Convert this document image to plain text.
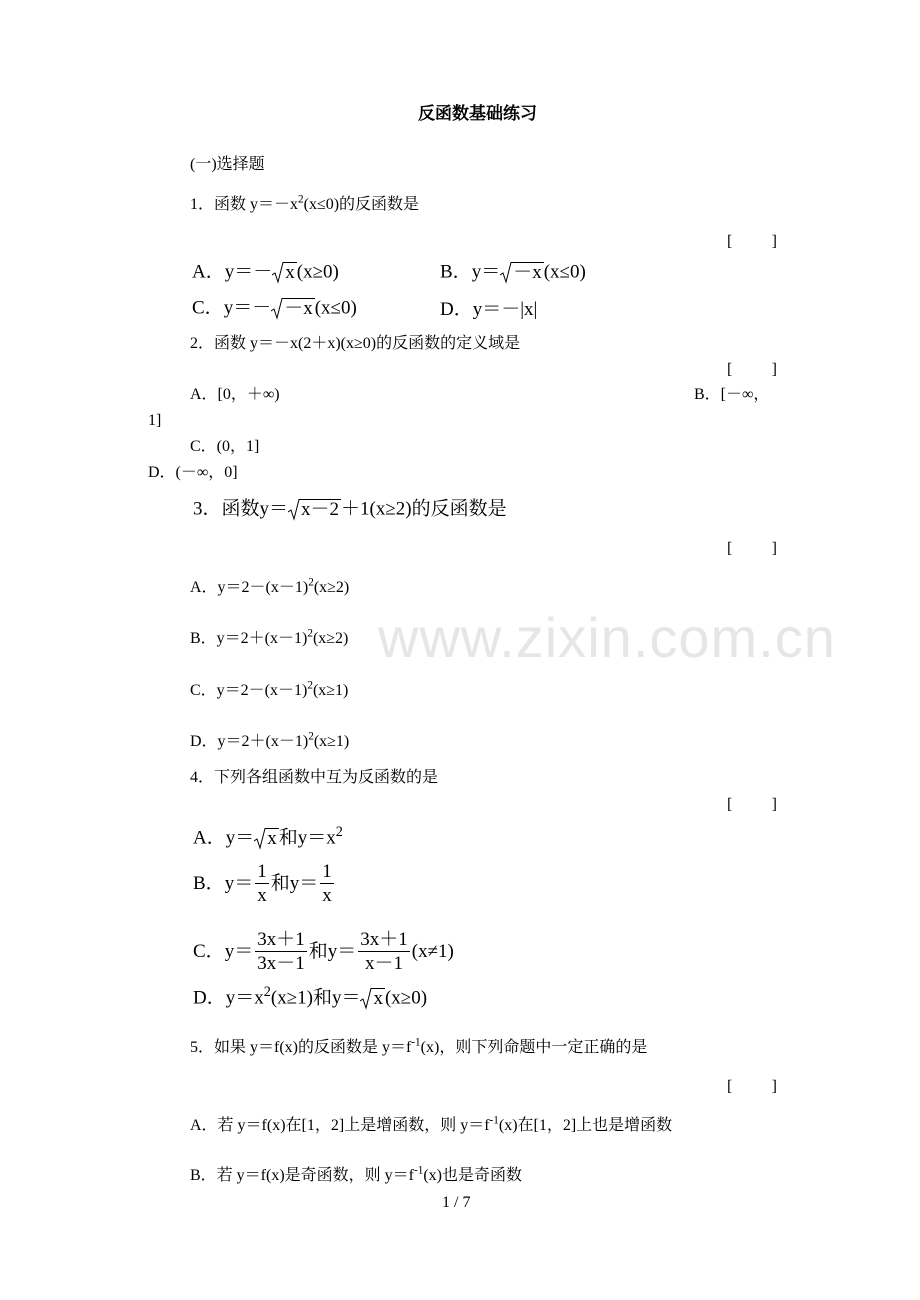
www.zixin.com.cn
反函数基础练习
(一)选择题
1．函数 $y=-x^2(x\le 0)$的反函数是
[ ]
A．y＝－ x (x≥0)	B．y＝ －x (x≤0)
C．y＝－ －x (x≤0)	D．y＝－|x|
2．函数 y＝－x(2＋x)(x≥0)的反函数的定义域是
[ ]
A．[0，＋∞)	B．[－∞，
1]
C．(0，1]
D．(－∞，0]
3．函数y＝ x－2 ＋1(x≥2)的反函数是
[ ]
A．$y=2-(x-1)^2(x\ge 2)$
B．$y=2+(x-1)^2(x\ge 2)$
C．$y=2-(x-1)^2(x\ge 1)$
D．$y=2+(x-1)^2(x\ge 1)$
4．下列各组函数中互为反函数的是
[ ]
A．y＝ x 和$y=x^2$
B． $y= \frac{1}{x}$ 和$y= \frac{1}{x}$
C． $y= \frac{3x+1}{3x-1}$ 和$y= \frac{3x+1}{x-1} (x\ne 1)$
D．$y=x^2(x\ge 1)$和y＝ x (x≥0)
5．如果 y＝f(x)的反函数是 $y=f^{-1}(x)$，则下列命题中一定正确的是
[ ]
A．若 y＝f(x)在[1，2]上是增函数，则 $y=f^{-1}(x)$在[1，2]上也是增函数
B．若 y＝f(x)是奇函数，则 $y=f^{-1}(x)$也是奇函数
1 / 7
